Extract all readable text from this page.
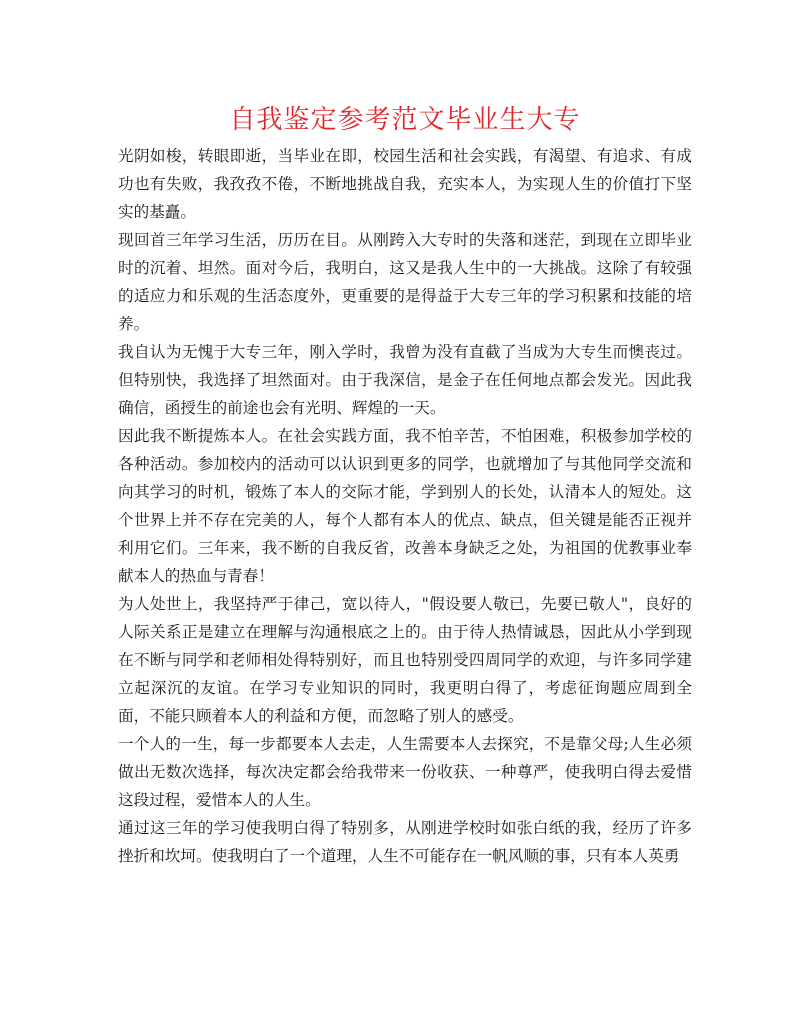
自我鉴定参考范文毕业生大专

光阴如梭，转眼即逝，当毕业在即，校园生活和社会实践，有渴望、有追求、有成功也有失败，我孜孜不倦，不断地挑战自我，充实本人，为实现人生的价值打下坚实的基矗。

现回首三年学习生活，历历在目。从刚跨入大专时的失落和迷茫，到现在立即毕业时的沉着、坦然。面对今后，我明白，这又是我人生中的一大挑战。这除了有较强的适应力和乐观的生活态度外，更重要的是得益于大专三年的学习积累和技能的培养。

我自认为无愧于大专三年，刚入学时，我曾为没有直截了当成为大专生而懊丧过。但特别快，我选择了坦然面对。由于我深信，是金子在任何地点都会发光。因此我确信，函授生的前途也会有光明、辉煌的一天。

因此我不断提炼本人。在社会实践方面，我不怕辛苦，不怕困难，积极参加学校的各种活动。参加校内的活动可以认识到更多的同学，也就增加了与其他同学交流和向其学习的时机，锻炼了本人的交际才能，学到别人的长处，认清本人的短处。这个世界上并不存在完美的人，每个人都有本人的优点、缺点，但关键是能否正视并利用它们。三年来，我不断的自我反省，改善本身缺乏之处，为祖国的优教事业奉献本人的热血与青春！

为人处世上，我坚持严于律己，宽以待人，"假设要人敬已，先要已敬人"，良好的人际关系正是建立在理解与沟通根底之上的。由于待人热情诚恳，因此从小学到现在不断与同学和老师相处得特别好，而且也特别受四周同学的欢迎，与许多同学建立起深沉的友谊。在学习专业知识的同时，我更明白得了，考虑征询题应周到全面，不能只顾着本人的利益和方便，而忽略了别人的感受。

一个人的一生，每一步都要本人去走，人生需要本人去探究，不是靠父母;人生必须做出无数次选择，每次决定都会给我带来一份收获、一种尊严，使我明白得去爱惜这段过程，爱惜本人的人生。

通过这三年的学习使我明白得了特别多，从刚进学校时如张白纸的我，经历了许多挫折和坎坷。使我明白了一个道理，人生不可能存在一帆风顺的事，只有本人英勇
